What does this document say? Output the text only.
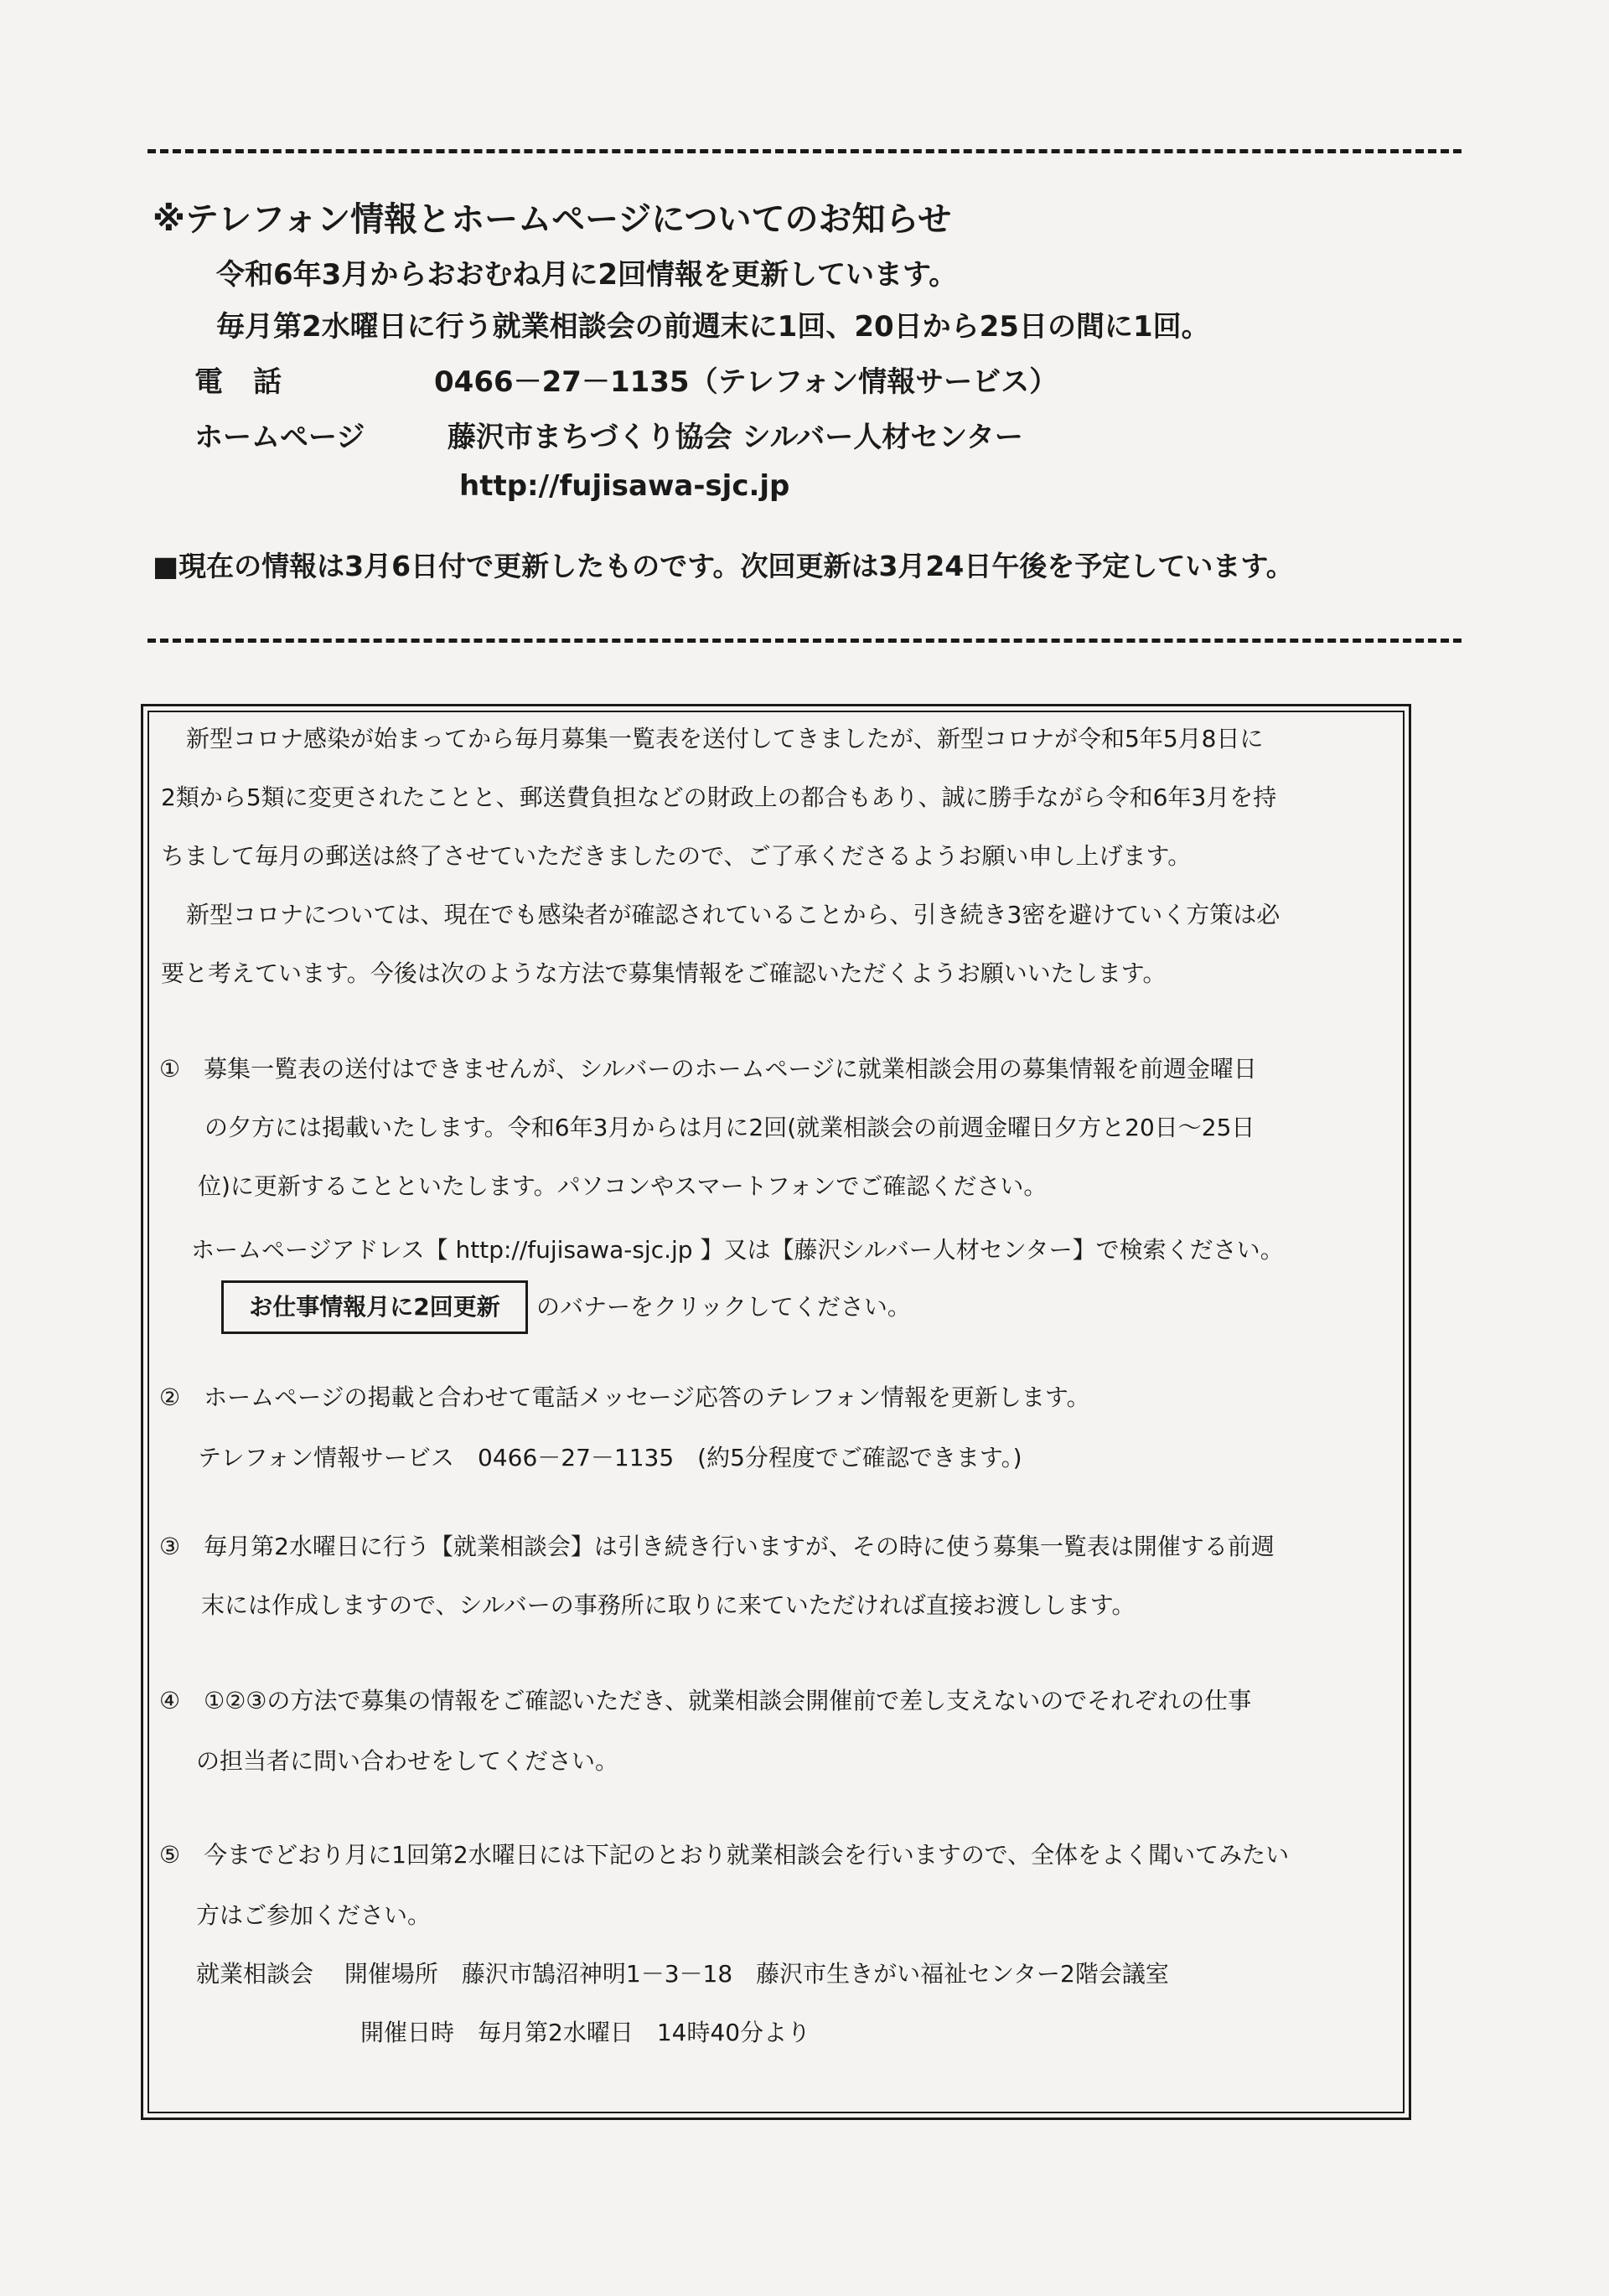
※テレフォン情報とホームページについてのお知らせ
令和6年3月からおおむね月に2回情報を更新しています。
毎月第2水曜日に行う就業相談会の前週末に1回、20日から25日の間に1回。
電話	0466－27－1135（テレフォン情報サービス）
ホームページ	藤沢市まちづくり協会 シルバー人材センター
http://fujisawa-sjc.jp
■現在の情報は3月6日付で更新したものです。次回更新は3月24日午後を予定しています。
新型コロナ感染が始まってから毎月募集一覧表を送付してきましたが、新型コロナが令和5年5月8日に
2類から5類に変更されたことと、郵送費負担などの財政上の都合もあり、誠に勝手ながら令和6年3月を持
ちまして毎月の郵送は終了させていただきましたので、ご了承くださるようお願い申し上げます。
新型コロナについては、現在でも感染者が確認されていることから、引き続き3密を避けていく方策は必
要と考えています。今後は次のような方法で募集情報をご確認いただくようお願いいたします。
①　募集一覧表の送付はできませんが、シルバーのホームページに就業相談会用の募集情報を前週金曜日
の夕方には掲載いたします。令和6年3月からは月に2回(就業相談会の前週金曜日夕方と20日～25日
位)に更新することといたします。パソコンやスマートフォンでご確認ください。
ホームページアドレス【 http://fujisawa-sjc.jp 】又は【藤沢シルバー人材センター】で検索ください。
お仕事情報月に2回更新	のバナーをクリックしてください。
②　ホームページの掲載と合わせて電話メッセージ応答のテレフォン情報を更新します。
テレフォン情報サービス　0466－27－1135　(約5分程度でご確認できます。)
③　毎月第2水曜日に行う【就業相談会】は引き続き行いますが、その時に使う募集一覧表は開催する前週
末には作成しますので、シルバーの事務所に取りに来ていただければ直接お渡しします。
④　①②③の方法で募集の情報をご確認いただき、就業相談会開催前で差し支えないのでそれぞれの仕事
の担当者に問い合わせをしてください。
⑤　今までどおり月に1回第2水曜日には下記のとおり就業相談会を行いますので、全体をよく聞いてみたい
方はご参加ください。
就業相談会　 開催場所　藤沢市鵠沼神明1－3－18　藤沢市生きがい福祉センター2階会議室
開催日時　毎月第2水曜日　14時40分より
